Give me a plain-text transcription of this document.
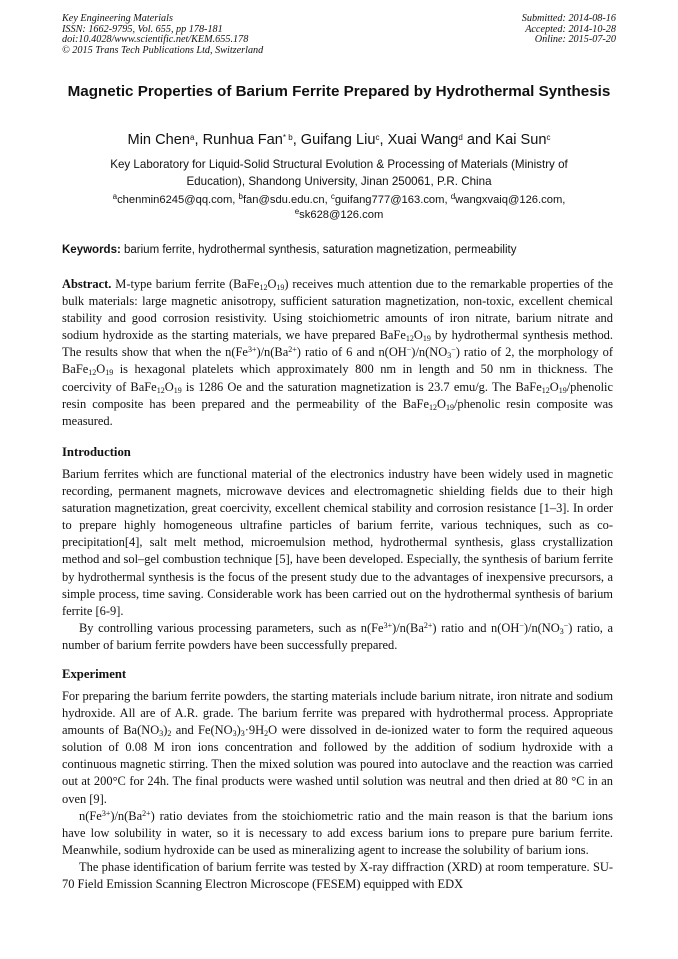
Key Engineering Materials
ISSN: 1662-9795, Vol. 655, pp 178-181
doi:10.4028/www.scientific.net/KEM.655.178
© 2015 Trans Tech Publications Ltd, Switzerland
Submitted: 2014-08-16
Accepted: 2014-10-28
Online: 2015-07-20
Magnetic Properties of Barium Ferrite Prepared by Hydrothermal Synthesis
Min Chen$^a$, Runhua Fan$^{* b}$, Guifang Liu$^c$, Xuai Wang$^d$ and Kai Sun$^c$
Key Laboratory for Liquid-Solid Structural Evolution & Processing of Materials (Ministry of Education), Shandong University, Jinan 250061, P.R. China
$^a$chenmin6245@qq.com, $^b$fan@sdu.edu.cn, $^c$guifang777@163.com, $^d$wangxvaiq@126.com,
$^e$sk628@126.com
Keywords: barium ferrite, hydrothermal synthesis, saturation magnetization, permeability
Abstract. M-type barium ferrite $(BaFe_{12}O_{19})$ receives much attention due to the remarkable properties of the bulk materials: large magnetic anisotropy, sufficient saturation magnetization, non-toxic, excellent chemical stability and good corrosion resistivity. Using stoichiometric amounts of iron nitrate, barium nitrate and sodium hydroxide as the starting materials, we have prepared $BaFe_{12}O_{19}$ by hydrothermal synthesis method. The results show that when the $n(Fe^{3+})/n(Ba^{2+})$ ratio of 6 and $n(OH^-)/n(NO_3^-)$ ratio of 2, the morphology of $BaFe_{12}O_{19}$ is hexagonal platelets which approximately 800 nm in length and 50 nm in thickness. The coercivity of $BaFe_{12}O_{19}$ is 1286 Oe and the saturation magnetization is 23.7 emu/g. The $BaFe_{12}O_{19}$/phenolic resin composite has been prepared and the permeability of the $BaFe_{12}O_{19}$/phenolic resin composite was measured.
Introduction

Barium ferrites which are functional material of the electronics industry have been widely used in magnetic recording, permanent magnets, microwave devices and electromagnetic shielding fields due to their high saturation magnetization, great coercivity, excellent chemical stability and corrosion resistance [1–3]. In order to prepare highly homogeneous ultrafine particles of barium ferrite, various techniques, such as co-precipitation[4], salt melt method, microemulsion method, hydrothermal synthesis, glass crystallization method and sol–gel combustion technique [5], have been developed. Especially, the synthesis of barium ferrite by hydrothermal synthesis is the focus of the present study due to the advantages of inexpensive precursors, a simple process, time saving. Considerable work has been carried out on the hydrothermal synthesis of barium ferrite [6-9].

By controlling various processing parameters, such as $n(Fe^{3+})/n(Ba^{2+})$ ratio and $n(OH^-)/n(NO_3^-)$ ratio, a number of barium ferrite powders have been successfully prepared.

Experiment

For preparing the barium ferrite powders, the starting materials include barium nitrate, iron nitrate and sodium hydroxide. All are of A.R. grade. The barium ferrite was prepared with hydrothermal process. Appropriate amounts of $Ba(NO_3)_2$ and $Fe(NO_3)_3\cdot 9H_2O$ were dissolved in de-ionized water to form the required aqueous solution of 0.08 M iron ions concentration and followed by the addition of sodium hydroxide with a continuous magnetic stirring. Then the mixed solution was poured into autoclave and the reaction was carried out at 200°C for 24h. The final products were washed until solution was neutral and then dried at 80 °C in an oven [9].

$n(Fe^{3+})/n(Ba^{2+})$ ratio deviates from the stoichiometric ratio and the main reason is that the barium ions have low solubility in water, so it is necessary to add excess barium ions to prepare pure barium ferrite. Meanwhile, sodium hydroxide can be used as mineralizing agent to increase the solubility of barium ions.

The phase identification of barium ferrite was tested by X-ray diffraction (XRD) at room temperature. SU-70 Field Emission Scanning Electron Microscope (FESEM) equipped with EDX
